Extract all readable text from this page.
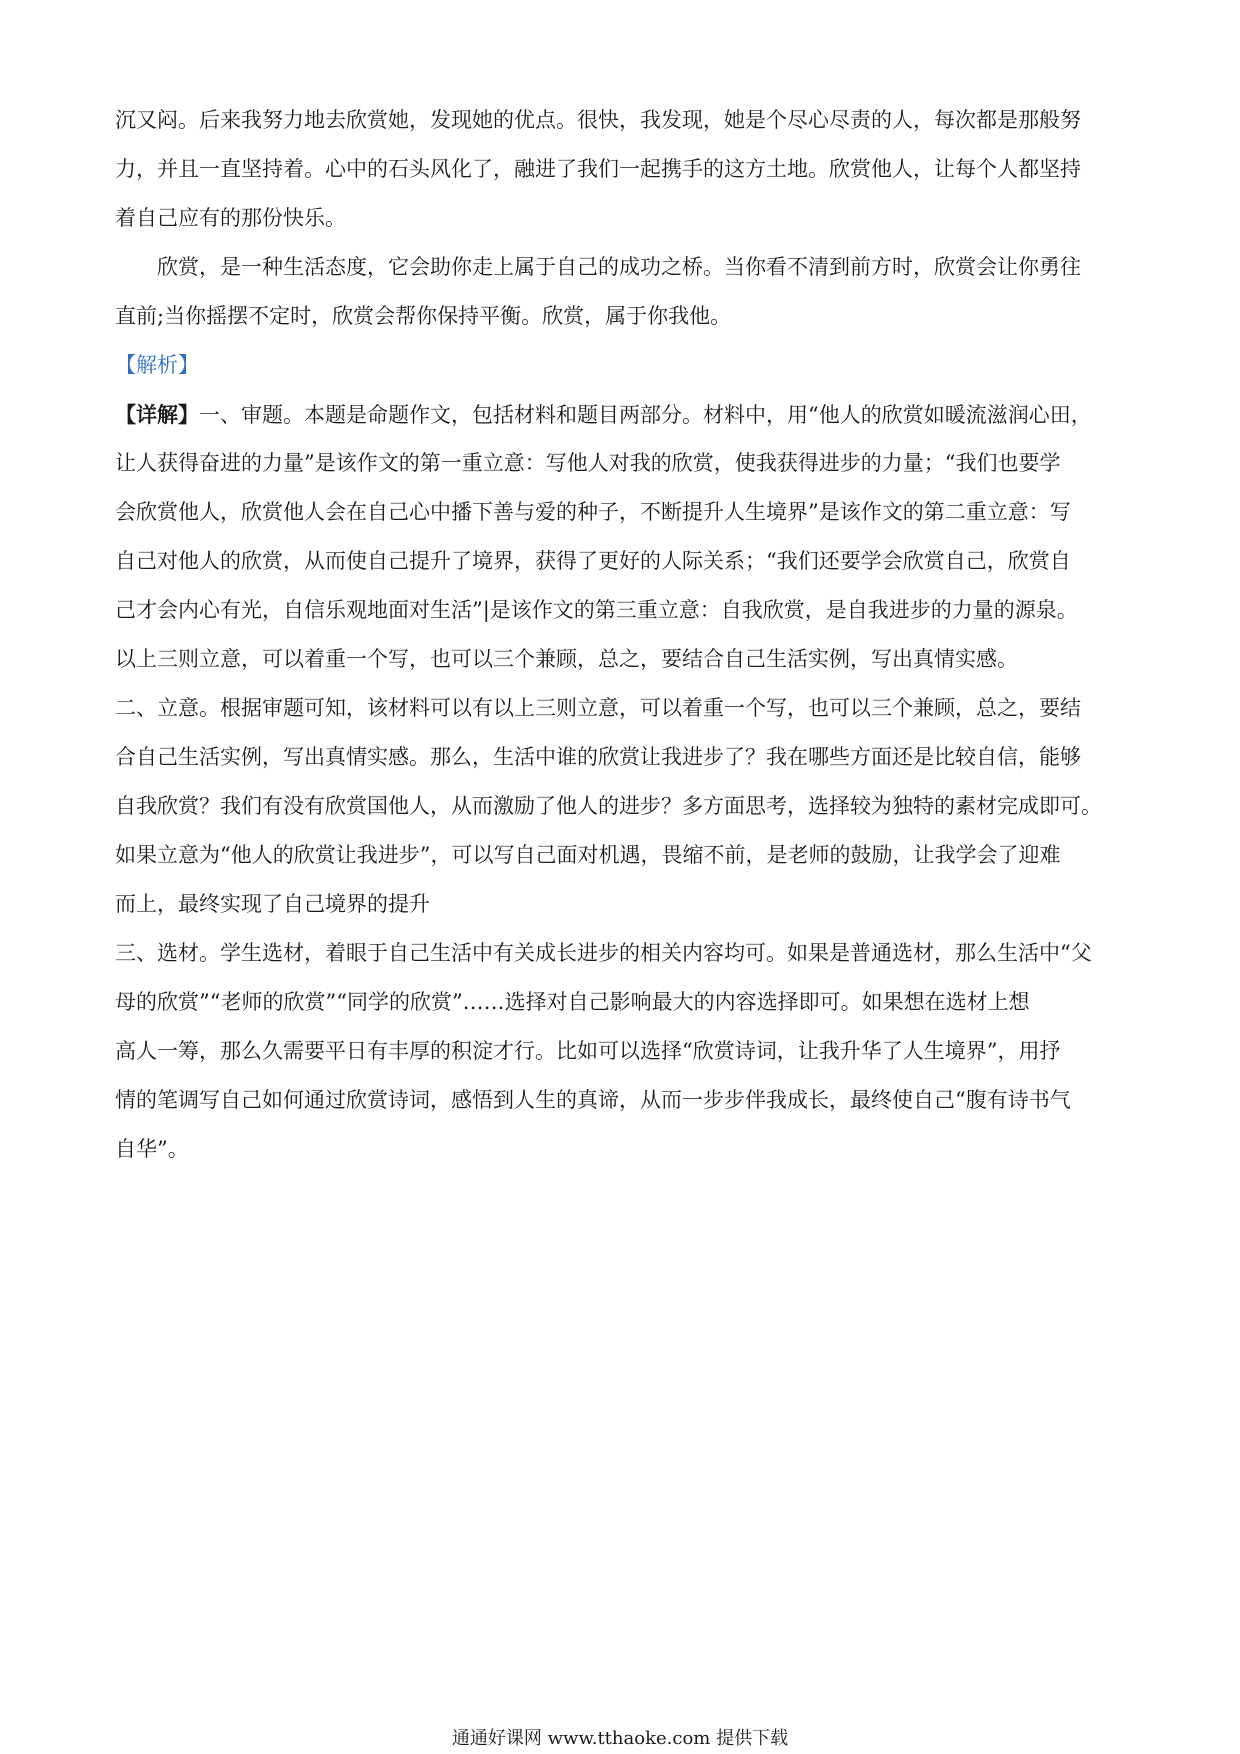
沉又闷。后来我努力地去欣赏她，发现她的优点。很快，我发现，她是个尽心尽责的人，每次都是那般努
力，并且一直坚持着。心中的石头风化了，融进了我们一起携手的这方土地。欣赏他人，让每个人都坚持
着自己应有的那份快乐。
欣赏，是一种生活态度，它会助你走上属于自己的成功之桥。当你看不清到前方时，欣赏会让你勇往
直前;当你摇摆不定时，欣赏会帮你保持平衡。欣赏，属于你我他。
【解析】
【详解】一、审题。本题是命题作文，包括材料和题目两部分。材料中，用“他人的欣赏如暖流滋润心田，
让人获得奋进的力量”是该作文的第一重立意：写他人对我的欣赏，使我获得进步的力量；“我们也要学
会欣赏他人，欣赏他人会在自己心中播下善与爱的种子，不断提升人生境界”是该作文的第二重立意：写
自己对他人的欣赏，从而使自己提升了境界，获得了更好的人际关系；“我们还要学会欣赏自己，欣赏自
己才会内心有光，自信乐观地面对生活”|是该作文的第三重立意：自我欣赏，是自我进步的力量的源泉。
以上三则立意，可以着重一个写，也可以三个兼顾，总之，要结合自己生活实例，写出真情实感。
二、立意。根据审题可知，该材料可以有以上三则立意，可以着重一个写，也可以三个兼顾，总之，要结
合自己生活实例，写出真情实感。那么，生活中谁的欣赏让我进步了？我在哪些方面还是比较自信，能够
自我欣赏？我们有没有欣赏国他人，从而激励了他人的进步？多方面思考，选择较为独特的素材完成即可。
如果立意为“他人的欣赏让我进步”，可以写自己面对机遇，畏缩不前，是老师的鼓励，让我学会了迎难
而上，最终实现了自己境界的提升
三、选材。学生选材，着眼于自己生活中有关成长进步的相关内容均可。如果是普通选材，那么生活中“父
母的欣赏”“老师的欣赏”“同学的欣赏”……选择对自己影响最大的内容选择即可。如果想在选材上想
高人一筹，那么久需要平日有丰厚的积淀才行。比如可以选择“欣赏诗词，让我升华了人生境界”，用抒
情的笔调写自己如何通过欣赏诗词，感悟到人生的真谛，从而一步步伴我成长，最终使自己“腹有诗书气
自华”。
通通好课网 www.tthaoke.com 提供下载
